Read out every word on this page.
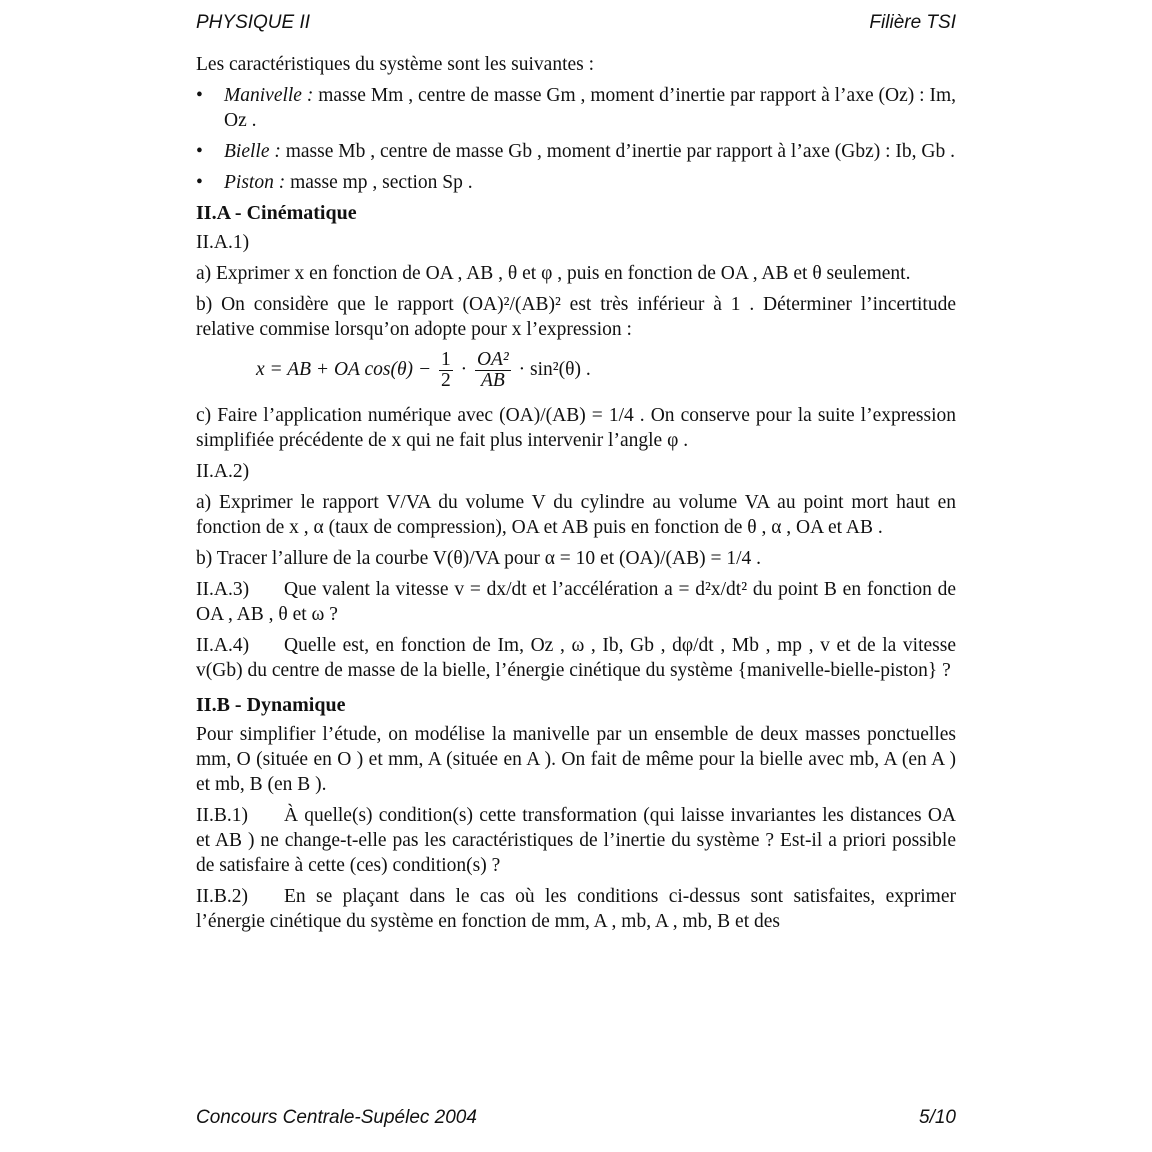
PHYSIQUE II	Filière TSI

Les caractéristiques du système sont les suivantes :

•	Manivelle : masse Mm , centre de masse Gm , moment d’inertie par rapport à l’axe (Oz) : Im, Oz .
•	Bielle : masse Mb , centre de masse Gb , moment d’inertie par rapport à l’axe (Gbz) : Ib, Gb .
•	Piston : masse mp , section Sp .
II.A - Cinématique

II.A.1)

a) Exprimer x en fonction de OA , AB , θ et φ , puis en fonction de OA , AB et θ seulement.

b) On considère que le rapport (OA)²/(AB)² est très inférieur à 1 . Déterminer l’incertitude relative commise lorsqu’on adopte pour x l’expression :

x = AB + OA $\cos(\theta) - \frac{1}{2} \cdot \frac{\text{OA²}}{AB} \cdot \sin^2(\theta)$ .

c) Faire l’application numérique avec (OA)/(AB) = 1/4 . On conserve pour la suite l’expression simplifiée précédente de x qui ne fait plus intervenir l’angle φ .

II.A.2)

a) Exprimer le rapport V/VA du volume V du cylindre au volume VA au point mort haut en fonction de x , α (taux de compression), OA et AB puis en fonction de θ , α , OA et AB .

b) Tracer l’allure de la courbe V(θ)/VA pour α = 10 et (OA)/(AB) = 1/4 .

II.A.3) Que valent la vitesse v = dx/dt et l’accélération a = d²x/dt² du point B en fonction de OA , AB , θ et ω ?

II.A.4) Quelle est, en fonction de Im, Oz , ω , Ib, Gb , dφ/dt , Mb , mp , v et de la vitesse v(Gb) du centre de masse de la bielle, l’énergie cinétique du système {manivelle-bielle-piston} ?

II.B - Dynamique

Pour simplifier l’étude, on modélise la manivelle par un ensemble de deux masses ponctuelles mm, O (située en O ) et mm, A (située en A ). On fait de même pour la bielle avec mb, A (en A ) et mb, B (en B ).

II.B.1) À quelle(s) condition(s) cette transformation (qui laisse invariantes les distances OA et AB ) ne change-t-elle pas les caractéristiques de l’inertie du système ? Est-il a priori possible de satisfaire à cette (ces) condition(s) ?

II.B.2) En se plaçant dans le cas où les conditions ci-dessus sont satisfaites, exprimer l’énergie cinétique du système en fonction de mm, A , mb, A , mb, B et des

Concours Centrale-Supélec 2004	5/10
